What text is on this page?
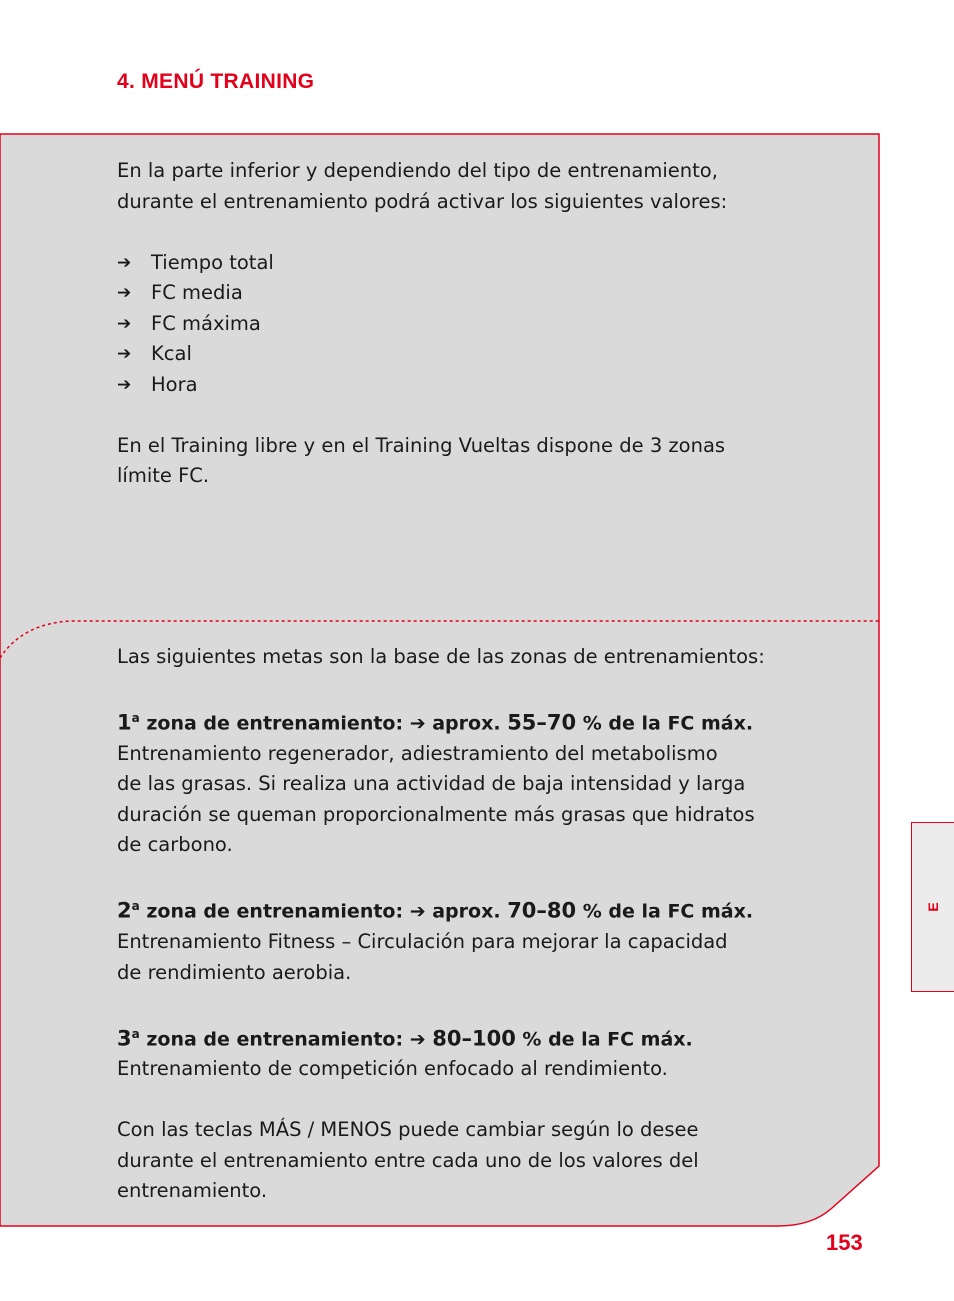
4. MENÚ TRAINING

En la parte inferior y dependiendo del tipo de entrenamiento,

durante el entrenamiento podrá activar los siguientes valores:

➔	Tiempo total
➔	FC media
➔	FC máxima
➔	Kcal
➔	Hora

En el Training libre y en el Training Vueltas dispone de 3 zonas

límite FC.

Las siguientes metas son la base de las zonas de entrenamientos:

1$^a$ zona de entrenamiento: ➔ aprox. 55–70 % de la FC máx.

Entrenamiento regenerador, adiestramiento del metabolismo

de las grasas. Si realiza una actividad de baja intensidad y larga

duración se queman proporcionalmente más grasas que hidratos

de carbono.

2$^a$ zona de entrenamiento: ➔ aprox. 70–80 % de la FC máx.

Entrenamiento Fitness – Circulación para mejorar la capacidad

de rendimiento aerobia.

3$^a$ zona de entrenamiento: ➔ 80–100 % de la FC máx.

Entrenamiento de competición enfocado al rendimiento.

Con las teclas MÁS / MENOS puede cambiar según lo desee

durante el entrenamiento entre cada uno de los valores del

entrenamiento.

E
153
